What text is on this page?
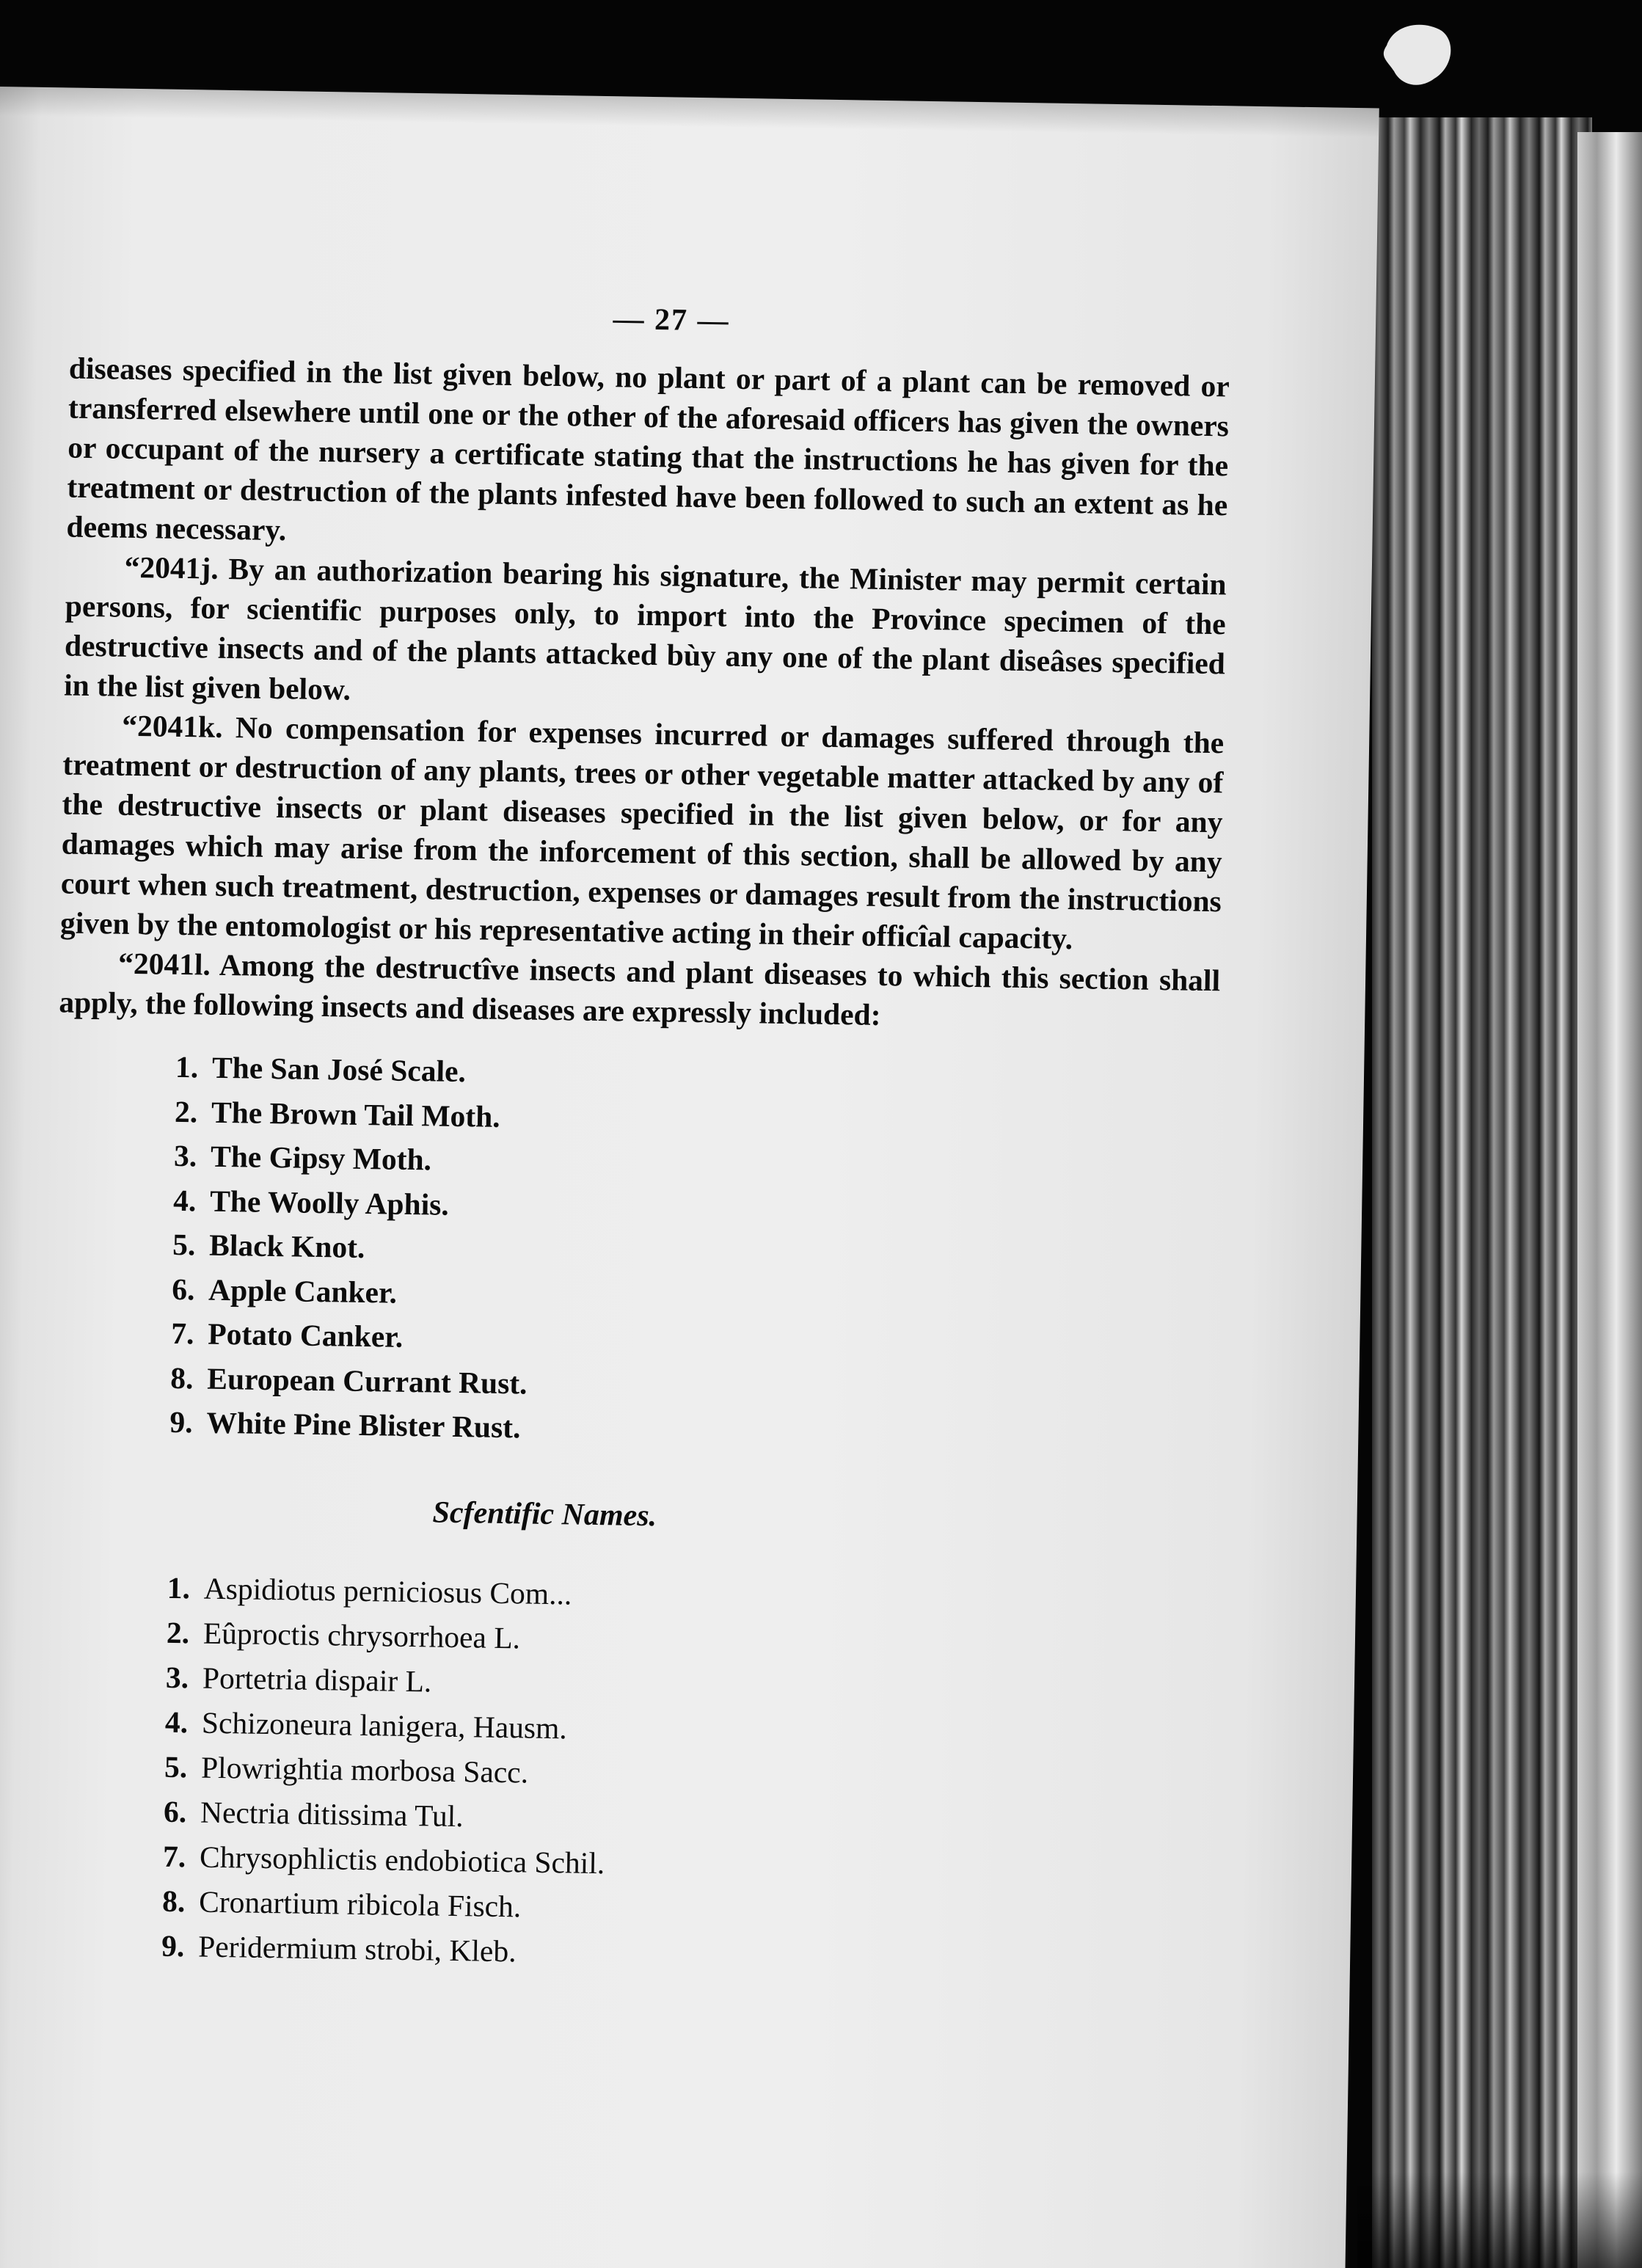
— 27 —

diseases specified in the list given below, no plant or part of a plant can be removed or transferred elsewhere until one or the other of the aforesaid officers has given the owners or occupant of the nursery a certificate stating that the instructions he has given for the treatment or destruction of the plants infested have been followed to such an extent as he deems necessary.

“2041j. By an authorization bearing his signature, the Minister may permit certain persons, for scientific purposes only, to import into the Province specimen of the destructive insects and of the plants attacked bùy any one of the plant diseâses specified in the list given below.

“2041k. No compensation for expenses incurred or damages suffered through the treatment or destruction of any plants, trees or other vegetable matter attacked by any of the destructive insects or plant diseases specified in the list given below, or for any damages which may arise from the inforcement of this section, shall be allowed by any court when such treatment, destruction, expenses or damages result from the instructions given by the entomologist or his representative acting in their officîal capacity.

“2041l. Among the destructîve insects and plant diseases to which this section shall apply, the following insects and diseases are expressly included:

1. The San José Scale.
2. The Brown Tail Moth.
3. The Gipsy Moth.
4. The Woolly Aphis.
5. Black Knot.
6. Apple Canker.
7. Potato Canker.
8. European Currant Rust.
9. White Pine Blister Rust.
Scfentific Names.
1. Aspidiotus perniciosus Com...
2. Eûproctis chrysorrhoea L.
3. Portetria dispair L.
4. Schizoneura lanigera, Hausm.
5. Plowrightia morbosa Sacc.
6. Nectria ditissima Tul.
7. Chrysophlictis endobiotica Schil.
8. Cronartium ribicola Fisch.
9. Peridermium strobi, Kleb.
